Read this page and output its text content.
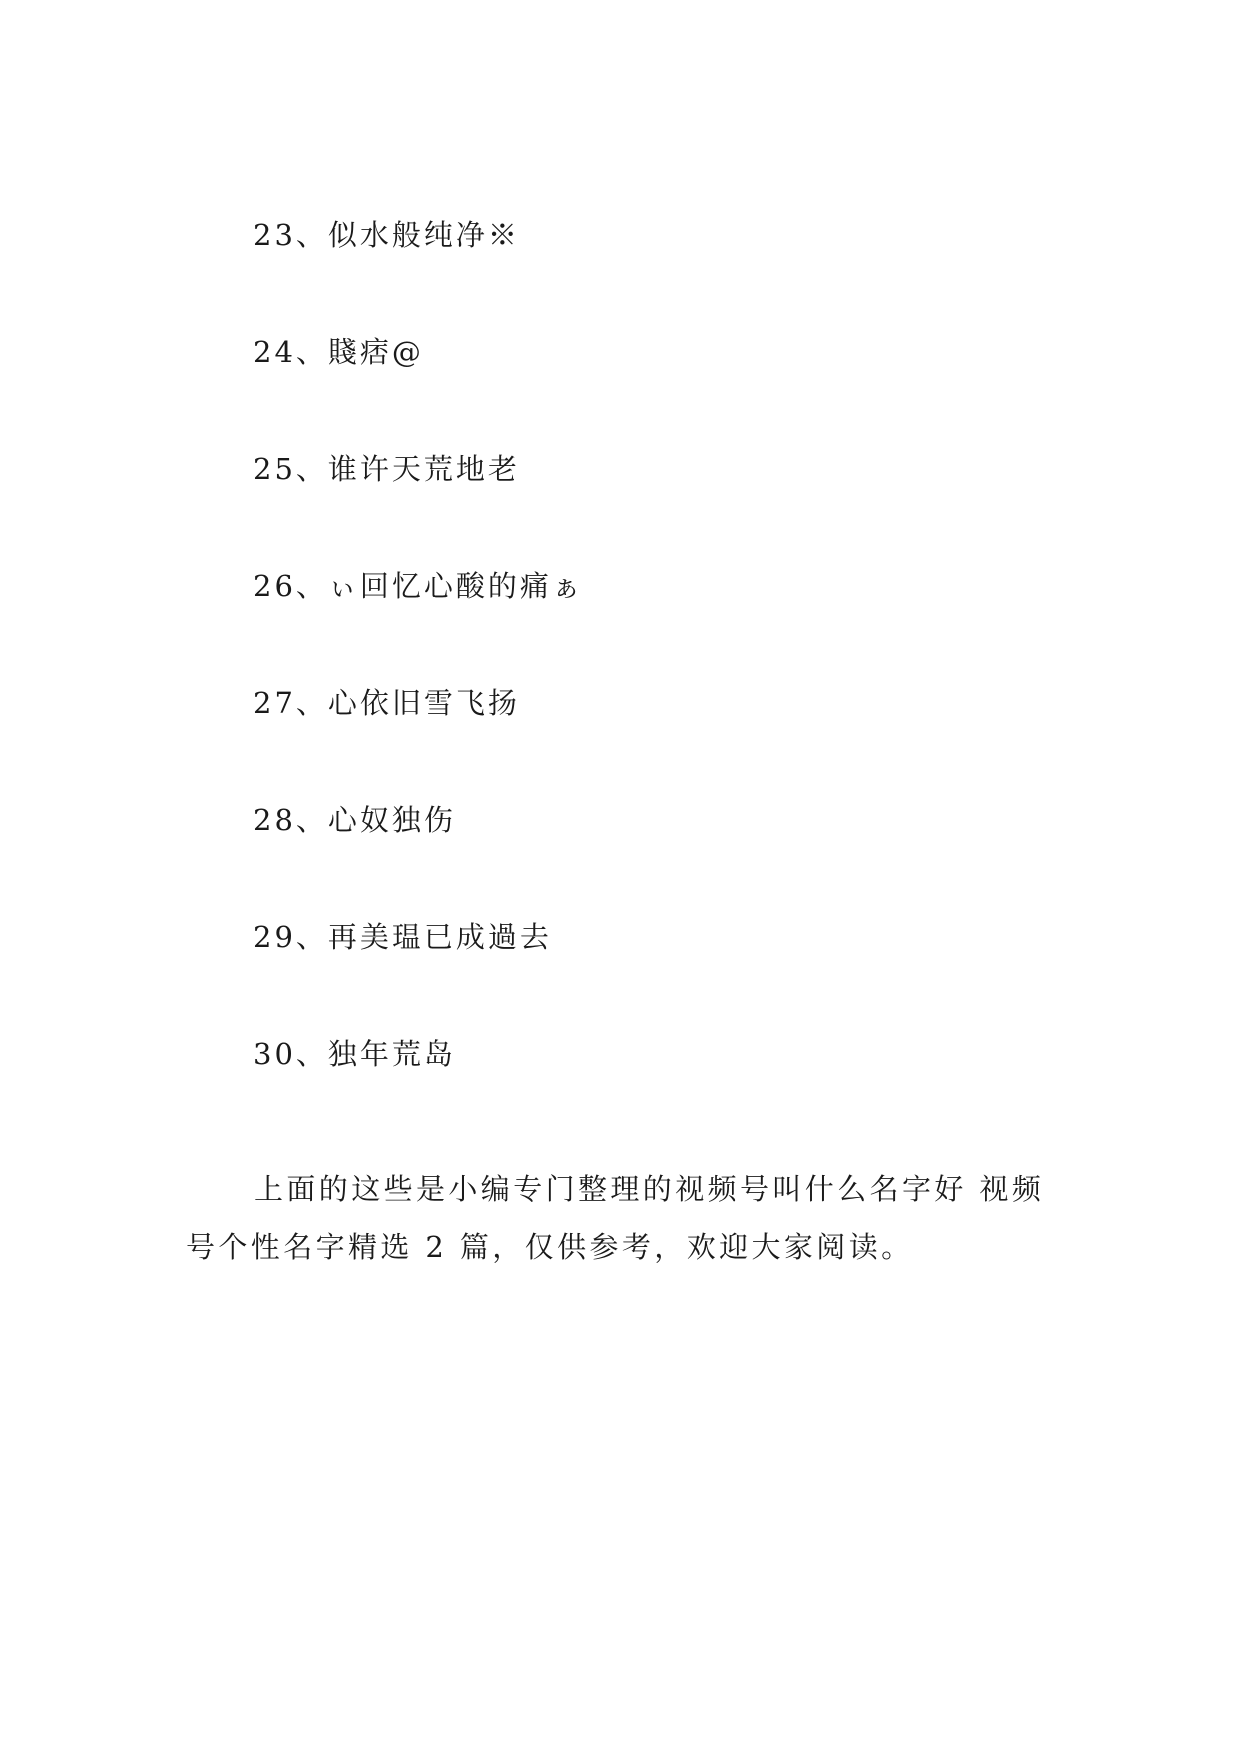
23、似水般纯净※
24、賤痞@
25、谁许天荒地老
26、ぃ回忆心酸的痛ぁ
27、心依旧雪飞扬
28、心奴独伤
29、再美瑥已成過去
30、独年荒岛

上面的这些是小编专门整理的视频号叫什么名字好 视频号个性名字精选 2 篇，仅供参考，欢迎大家阅读。
